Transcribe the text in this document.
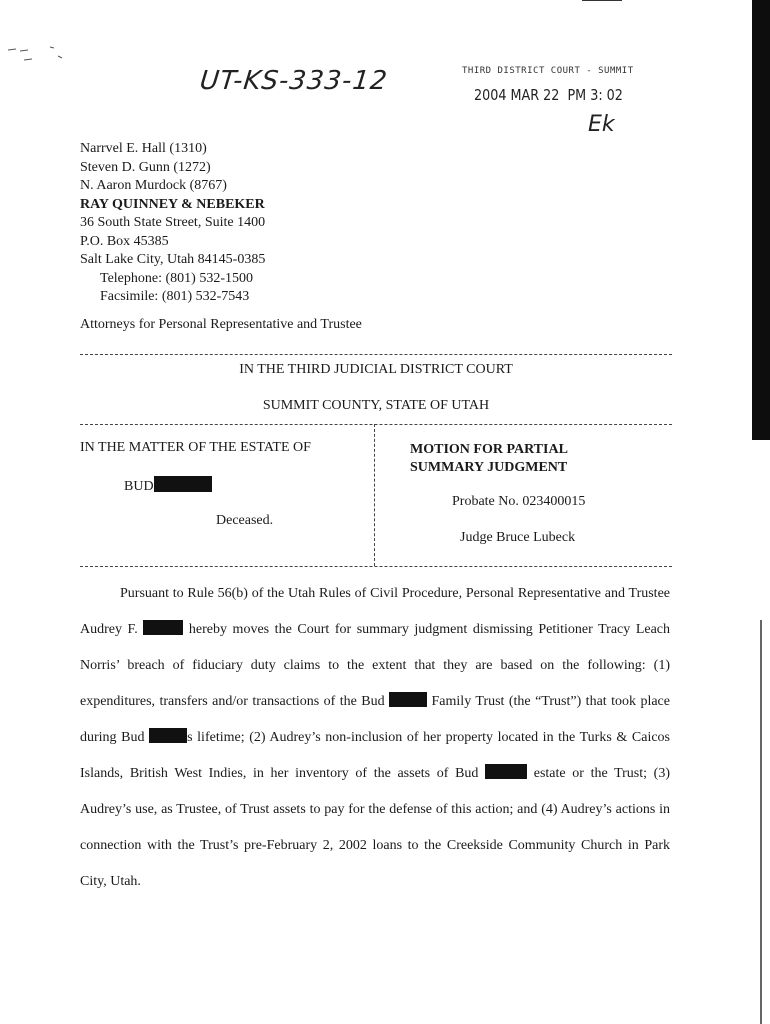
UT-KS-333-12	THIRD DISTRICT COURT - SUMMIT
2004 MAR 22  PM 3: 02
Ek
Narrvel E. Hall (1310)
Steven D. Gunn (1272)
N. Aaron Murdock (8767)
RAY QUINNEY & NEBEKER
36 South State Street, Suite 1400
P.O. Box 45385
Salt Lake City, Utah 84145-0385
Telephone: (801) 532-1500
Facsimile: (801) 532-7543
Attorneys for Personal Representative and Trustee
IN THE THIRD JUDICIAL DISTRICT COURT
SUMMIT COUNTY, STATE OF UTAH
IN THE MATTER OF THE ESTATE OF
BUD
Deceased.
MOTION FOR PARTIAL
SUMMARY JUDGMENT
Probate No. 023400015
Judge Bruce Lubeck

Pursuant to Rule 56(b) of the Utah Rules of Civil Procedure, Personal Representative and Trustee Audrey F.	hereby moves the Court for summary judgment dismissing Petitioner Tracy Leach Norris’ breach of fiduciary duty claims to the extent that they are based on the following: (1) expenditures, transfers and/or transactions of the Bud	Family Trust (the “Trust”) that took place during Bud	s lifetime; (2) Audrey’s non-inclusion of her property located in the Turks & Caicos Islands, British West Indies, in her inventory of the assets of Bud	estate or the Trust; (3) Audrey’s use, as Trustee, of Trust assets to pay for the defense of this action; and (4) Audrey’s actions in connection with the Trust’s pre-February 2, 2002 loans to the Creekside Community Church in Park City, Utah.
